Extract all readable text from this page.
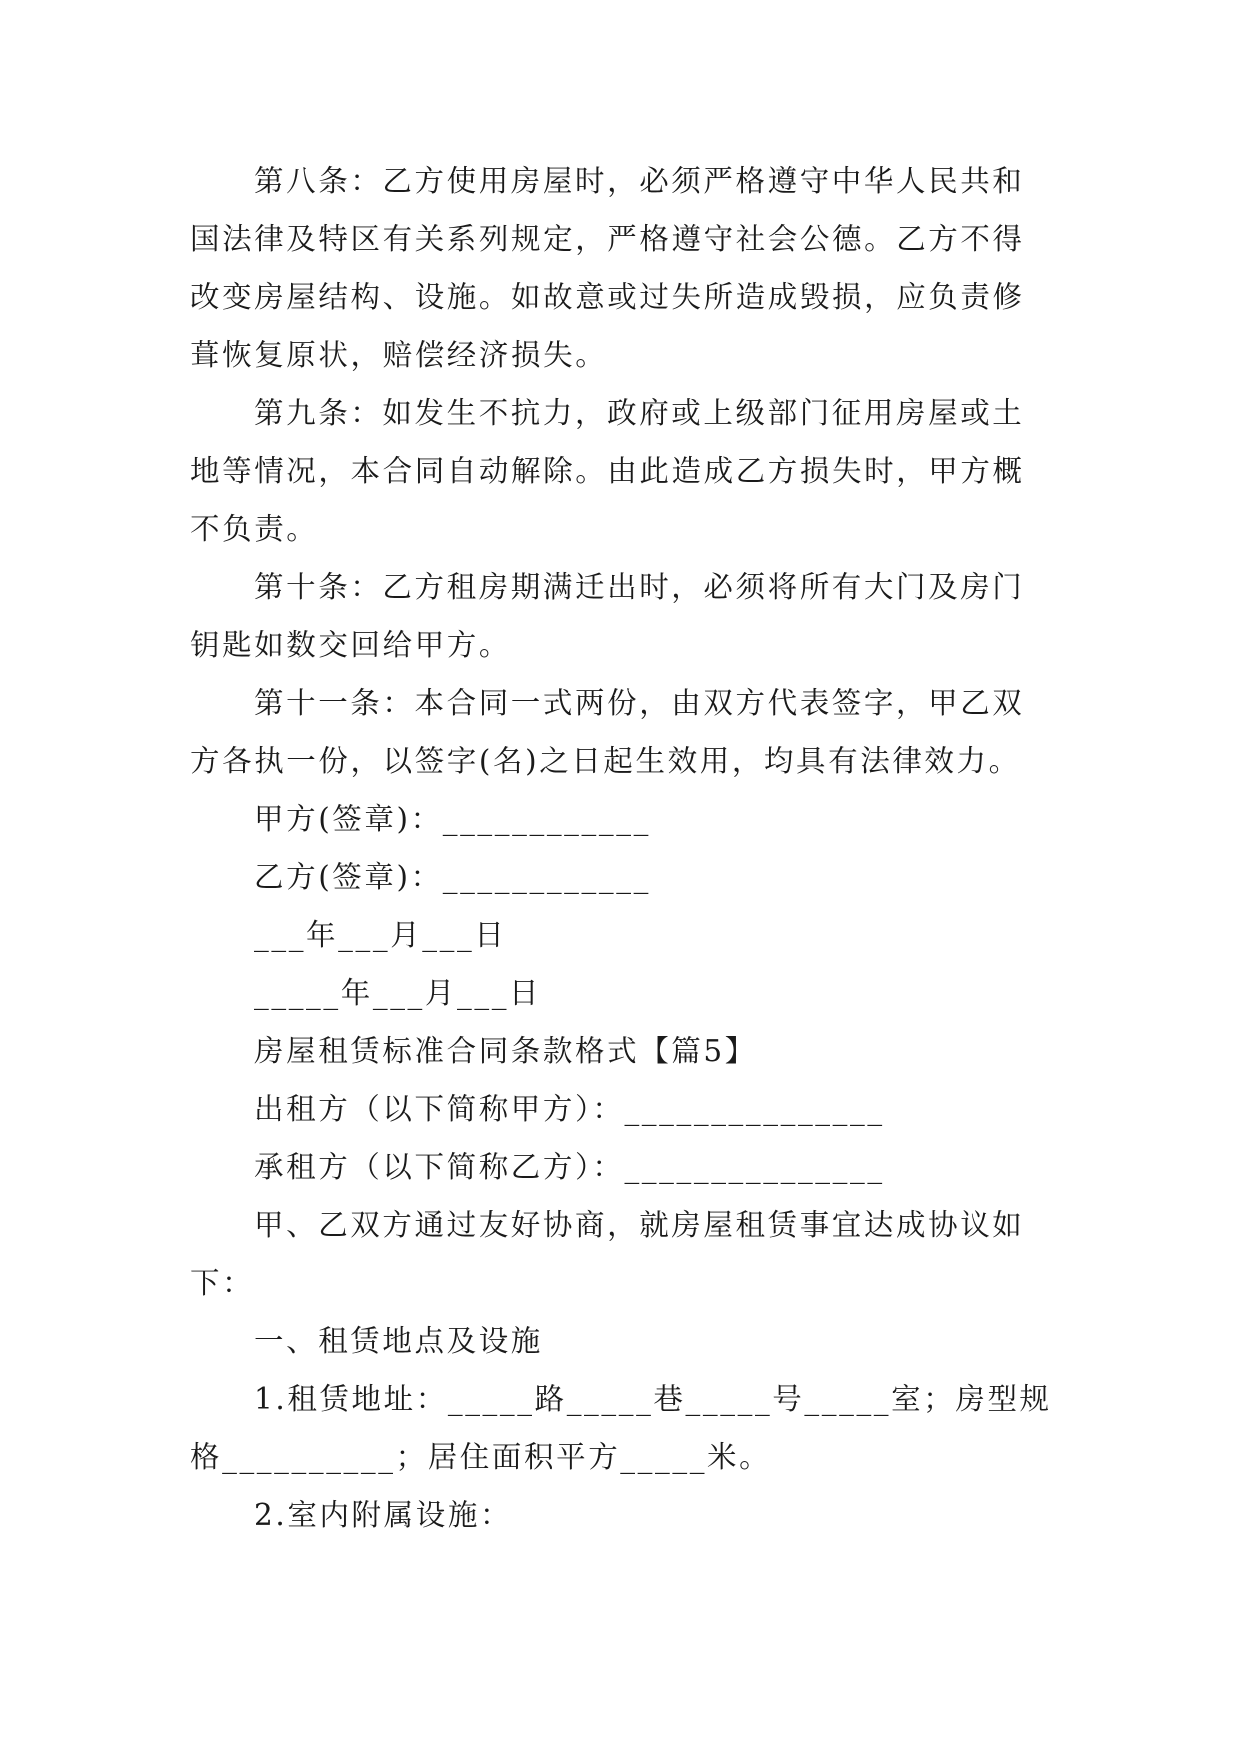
第八条：乙方使用房屋时，必须严格遵守中华人民共和

国法律及特区有关系列规定，严格遵守社会公德。乙方不得

改变房屋结构、设施。如故意或过失所造成毁损，应负责修

葺恢复原状，赔偿经济损失。

第九条：如发生不抗力，政府或上级部门征用房屋或土

地等情况，本合同自动解除。由此造成乙方损失时，甲方概

不负责。

第十条：乙方租房期满迁出时，必须将所有大门及房门

钥匙如数交回给甲方。

第十一条：本合同一式两份，由双方代表签字，甲乙双

方各执一份，以签字(名)之日起生效用，均具有法律效力。

甲方(签章)：____________

乙方(签章)：____________

___年___月___日

_____年___月___日

房屋租赁标准合同条款格式【篇5】

出租方（以下简称甲方）：_______________

承租方（以下简称乙方）：_______________

甲、乙双方通过友好协商，就房屋租赁事宜达成协议如

下：

一、租赁地点及设施

1.租赁地址：_____路_____巷_____号_____室；房型规

格__________；居住面积平方_____米。

2.室内附属设施：
